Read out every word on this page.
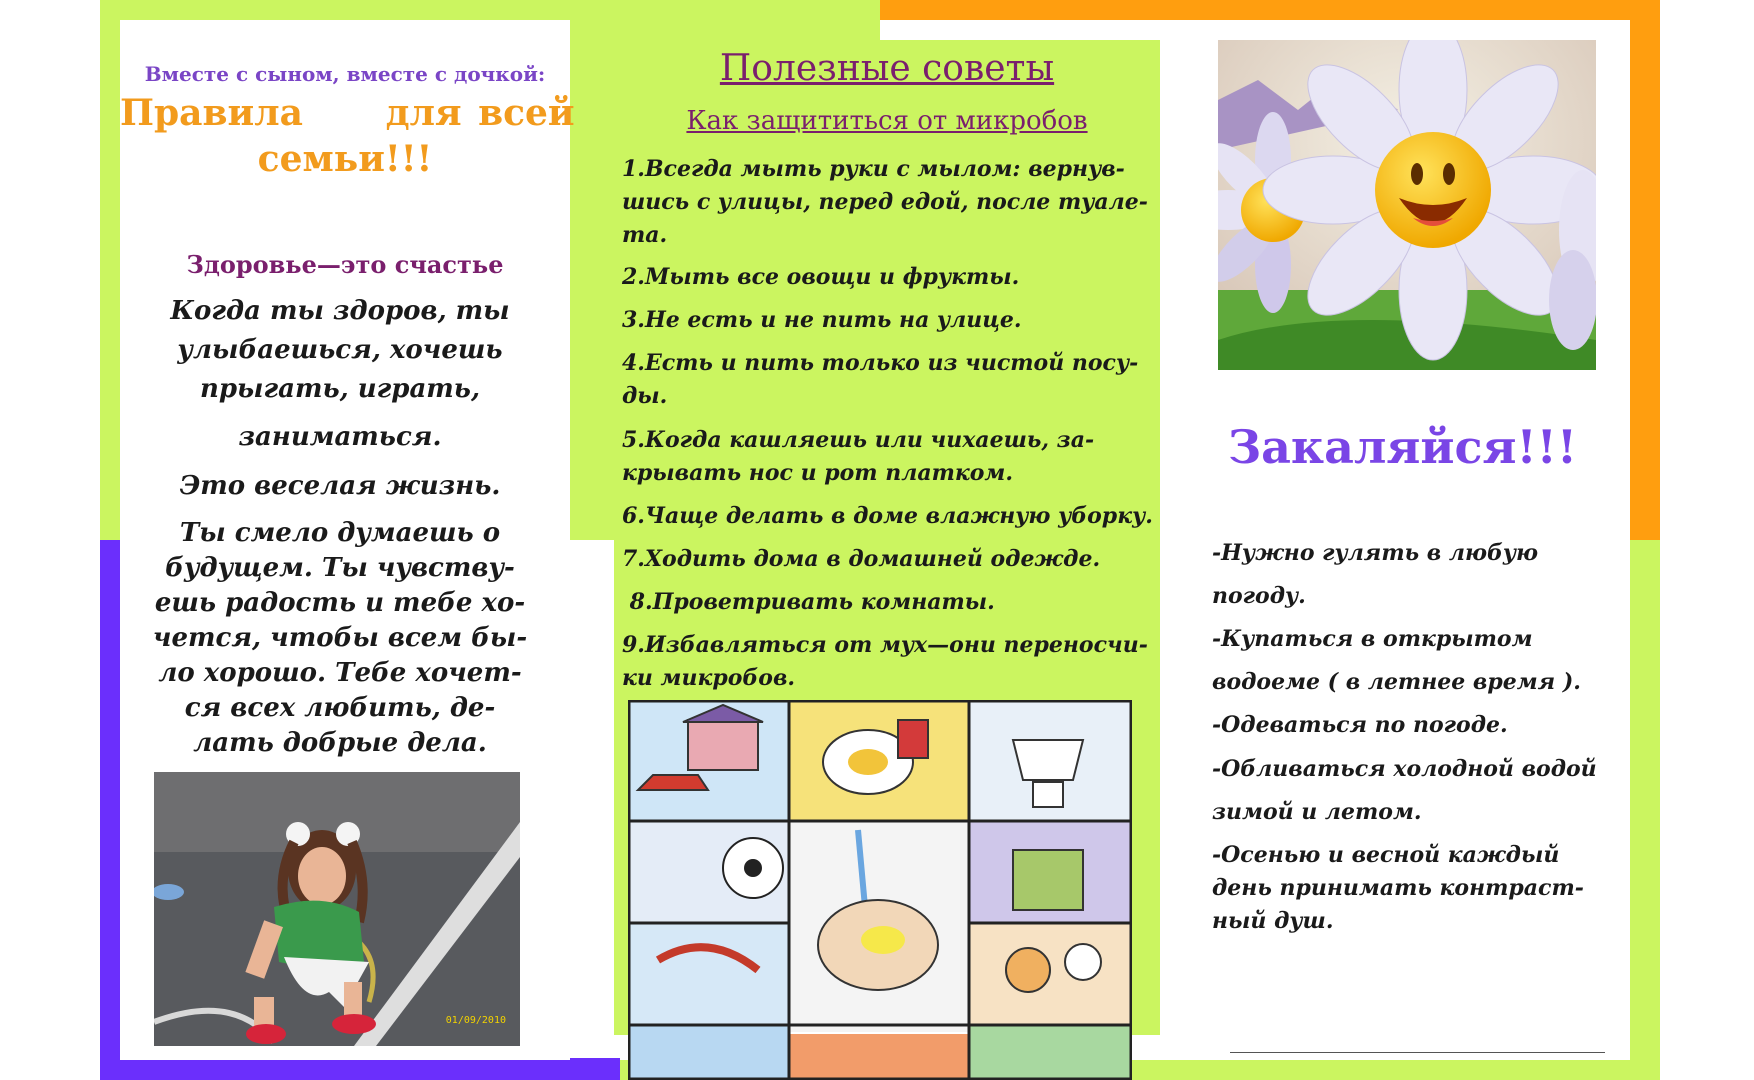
Вместе с сыном, вместе с дочкой:
Правила     для всей
семьи!!!
Здоровье—это счастье
Когда ты здоров, ты
улыбаешься, хочешь
прыгать, играть,
заниматься.
Это веселая жизнь.
Ты смело думаешь о
будущем. Ты чувству-
ешь радость и тебе хо-
чется, чтобы всем бы-
ло хорошо. Тебе хочет-
ся всех любить, де-
лать добрые дела.
01/09/2010
Полезные советы
Как защититься от микробов
1.Всегда мыть руки с мылом: вернув-
шись с улицы, перед едой, после туале-
та.
2.Мыть все овощи и фрукты.
3.Не есть и не пить на улице.
4.Есть и пить только из чистой посу-
ды.
5.Когда кашляешь или чихаешь, за-
крывать нос и рот платком.
6.Чаще делать в доме влажную уборку.
7.Ходить дома в домашней одежде.
8.Проветривать комнаты.
9.Избавляться от мух—они переносчи-
ки микробов.
Закаляйся!!!
-Нужно гулять в любую
погоду.
-Купаться в открытом
водоеме ( в летнее время ).
-Одеваться по погоде.
-Обливаться холодной водой
зимой и летом.
-Осенью и весной каждый
день принимать контраст-
ный душ.
